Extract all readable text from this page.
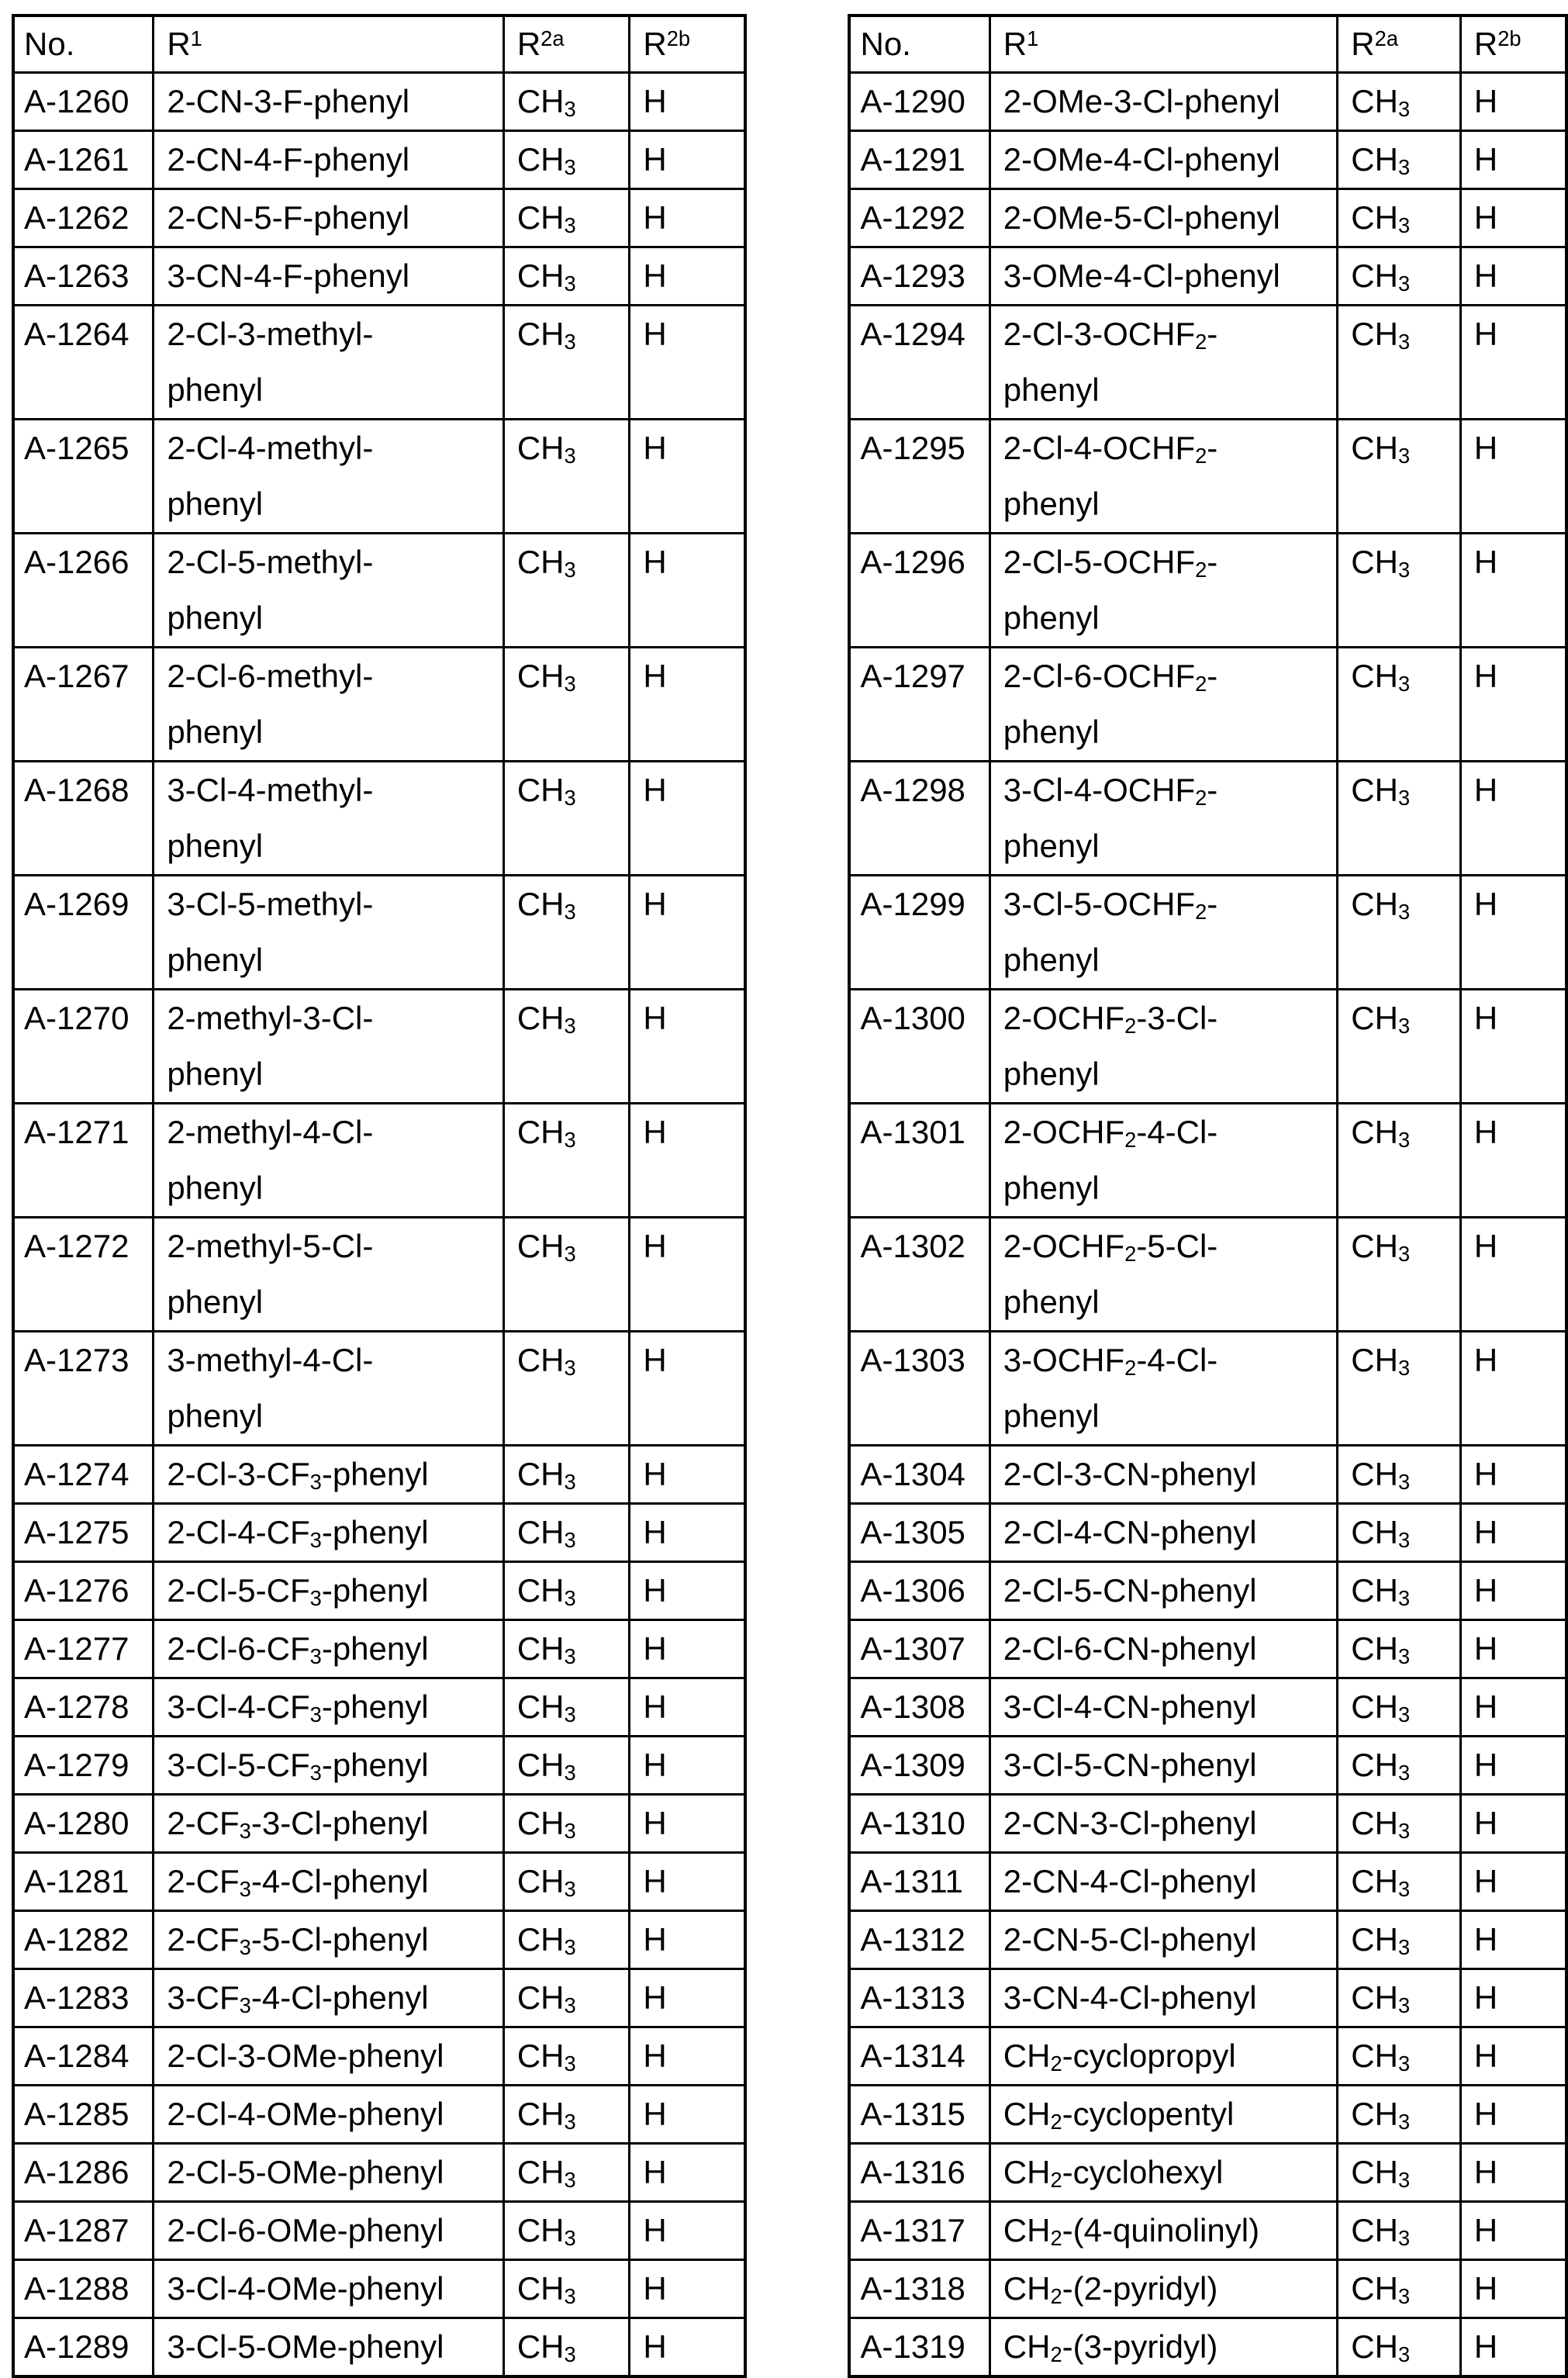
No.	$R^1$	$R^{2a}$	$R^{2b}$
A-1260	2-CN-3-F-phenyl	$CH_3$	H
A-1261	2-CN-4-F-phenyl	$CH_3$	H
A-1262	2-CN-5-F-phenyl	$CH_3$	H
A-1263	3-CN-4-F-phenyl	$CH_3$	H
A-1264	2-Cl-3-methyl-
phenyl	$CH_3$	H
A-1265	2-Cl-4-methyl-
phenyl	$CH_3$	H
A-1266	2-Cl-5-methyl-
phenyl	$CH_3$	H
A-1267	2-Cl-6-methyl-
phenyl	$CH_3$	H
A-1268	3-Cl-4-methyl-
phenyl	$CH_3$	H
A-1269	3-Cl-5-methyl-
phenyl	$CH_3$	H
A-1270	2-methyl-3-Cl-
phenyl	$CH_3$	H
A-1271	2-methyl-4-Cl-
phenyl	$CH_3$	H
A-1272	2-methyl-5-Cl-
phenyl	$CH_3$	H
A-1273	3-methyl-4-Cl-
phenyl	$CH_3$	H
A-1274	$2-Cl-3-CF_3$-phenyl	$CH_3$	H
A-1275	$2-Cl-4-CF_3$-phenyl	$CH_3$	H
A-1276	$2-Cl-5-CF_3$-phenyl	$CH_3$	H
A-1277	$2-Cl-6-CF_3$-phenyl	$CH_3$	H
A-1278	$3-Cl-4-CF_3$-phenyl	$CH_3$	H
A-1279	$3-Cl-5-CF_3$-phenyl	$CH_3$	H
A-1280	$2-CF_3-3-Cl$-phenyl	$CH_3$	H
A-1281	$2-CF_3-4-Cl$-phenyl	$CH_3$	H
A-1282	$2-CF_3-5-Cl$-phenyl	$CH_3$	H
A-1283	$3-CF_3-4-Cl$-phenyl	$CH_3$	H
A-1284	2-Cl-3-OMe-phenyl	$CH_3$	H
A-1285	2-Cl-4-OMe-phenyl	$CH_3$	H
A-1286	2-Cl-5-OMe-phenyl	$CH_3$	H
A-1287	2-Cl-6-OMe-phenyl	$CH_3$	H
A-1288	3-Cl-4-OMe-phenyl	$CH_3$	H
A-1289	3-Cl-5-OMe-phenyl	$CH_3$	H
No.	$R^1$	$R^{2a}$	$R^{2b}$
A-1290	2-OMe-3-Cl-phenyl	$CH_3$	H
A-1291	2-OMe-4-Cl-phenyl	$CH_3$	H
A-1292	2-OMe-5-Cl-phenyl	$CH_3$	H
A-1293	3-OMe-4-Cl-phenyl	$CH_3$	H
A-1294	$2-Cl-3-OCHF_2-$
phenyl	$CH_3$	H
A-1295	$2-Cl-4-OCHF_2-$
phenyl	$CH_3$	H
A-1296	$2-Cl-5-OCHF_2-$
phenyl	$CH_3$	H
A-1297	$2-Cl-6-OCHF_2-$
phenyl	$CH_3$	H
A-1298	$3-Cl-4-OCHF_2-$
phenyl	$CH_3$	H
A-1299	$3-Cl-5-OCHF_2-$
phenyl	$CH_3$	H
A-1300	$2-OCHF_2-3-Cl-$
phenyl	$CH_3$	H
A-1301	$2-OCHF_2-4-Cl-$
phenyl	$CH_3$	H
A-1302	$2-OCHF_2-5-Cl-$
phenyl	$CH_3$	H
A-1303	$3-OCHF_2-4-Cl-$
phenyl	$CH_3$	H
A-1304	2-Cl-3-CN-phenyl	$CH_3$	H
A-1305	2-Cl-4-CN-phenyl	$CH_3$	H
A-1306	2-Cl-5-CN-phenyl	$CH_3$	H
A-1307	2-Cl-6-CN-phenyl	$CH_3$	H
A-1308	3-Cl-4-CN-phenyl	$CH_3$	H
A-1309	3-Cl-5-CN-phenyl	$CH_3$	H
A-1310	2-CN-3-Cl-phenyl	$CH_3$	H
A-1311	2-CN-4-Cl-phenyl	$CH_3$	H
A-1312	2-CN-5-Cl-phenyl	$CH_3$	H
A-1313	3-CN-4-Cl-phenyl	$CH_3$	H
A-1314	$CH_2$-cyclopropyl	$CH_3$	H
A-1315	$CH_2$-cyclopentyl	$CH_3$	H
A-1316	$CH_2$-cyclohexyl	$CH_3$	H
A-1317	$CH_2-(4-quinolinyl)$	$CH_3$	H
A-1318	$CH_2-(2-pyridyl)$	$CH_3$	H
A-1319	$CH_2-(3-pyridyl)$	$CH_3$	H
